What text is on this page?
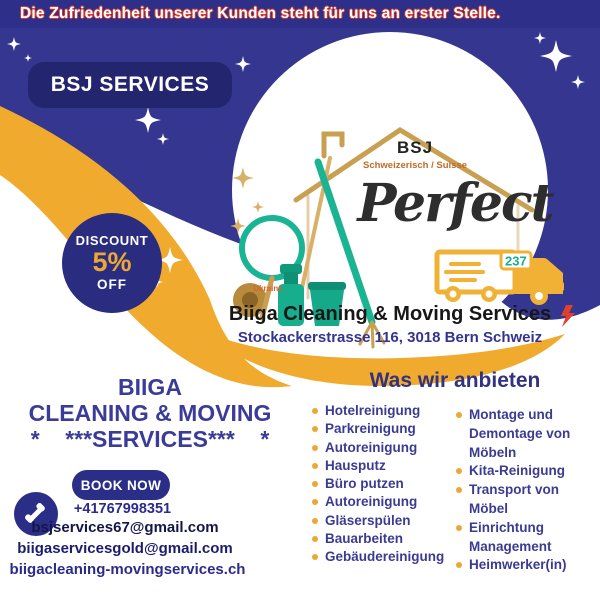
237
Die Zufriedenheit unserer Kunden steht für uns an erster Stelle.
BSJ SERVICES
DISCOUNT
5%
OFF
BSJ
Schweizerisch / Suisse
Perfect
Ukraine
Biiga Cleaning & Moving Services
Stockackerstrasse 116, 3018 Bern Schweiz
BIIGA
CLEANING & MOVING
*    ***SERVICES***    *
BOOK NOW
+41767998351
bsjservices67@gmail.com
biigaservicesgold@gmail.com
biigacleaning-movingservices.ch
Was wir anbieten
Hotelreinigung
Parkreinigung
Autoreinigung
Hausputz
Büro putzen
Autoreinigung
Gläserspülen
Bauarbeiten
Gebäudereinigung
Montage und Demontage von Möbeln
Kita-Reinigung
Transport von Möbel
Einrichtung Management
Heimwerker(in)
